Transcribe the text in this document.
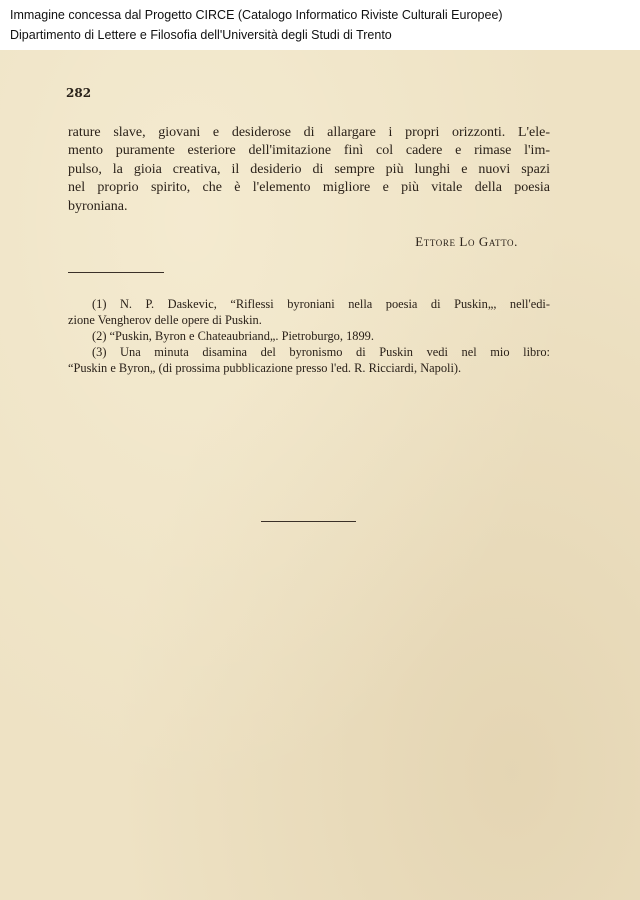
Immagine concessa dal Progetto CIRCE (Catalogo Informatico Riviste Culturali Europee)
Dipartimento di Lettere e Filosofia dell'Università degli Studi di Trento
282
rature slave, giovani e desiderose di allargare i propri orizzonti. L'ele-
mento puramente esteriore dell'imitazione finì col cadere e rimase l'im-
pulso, la gioia creativa, il desiderio di sempre più lunghi e nuovi spazi
nel proprio spirito, che è l'elemento migliore e più vitale della poesia
byroniana.
Ettore Lo Gatto.
(1) N. P. Daskevic, “Riflessi byroniani nella poesia di Puskin„, nell'edi-
zione Vengherov delle opere di Puskin.
(2) “Puskin, Byron e Chateaubriand„. Pietroburgo, 1899.
(3) Una minuta disamina del byronismo di Puskin vedi nel mio libro:
“Puskin e Byron„ (di prossima pubblicazione presso l'ed. R. Ricciardi, Napoli).
